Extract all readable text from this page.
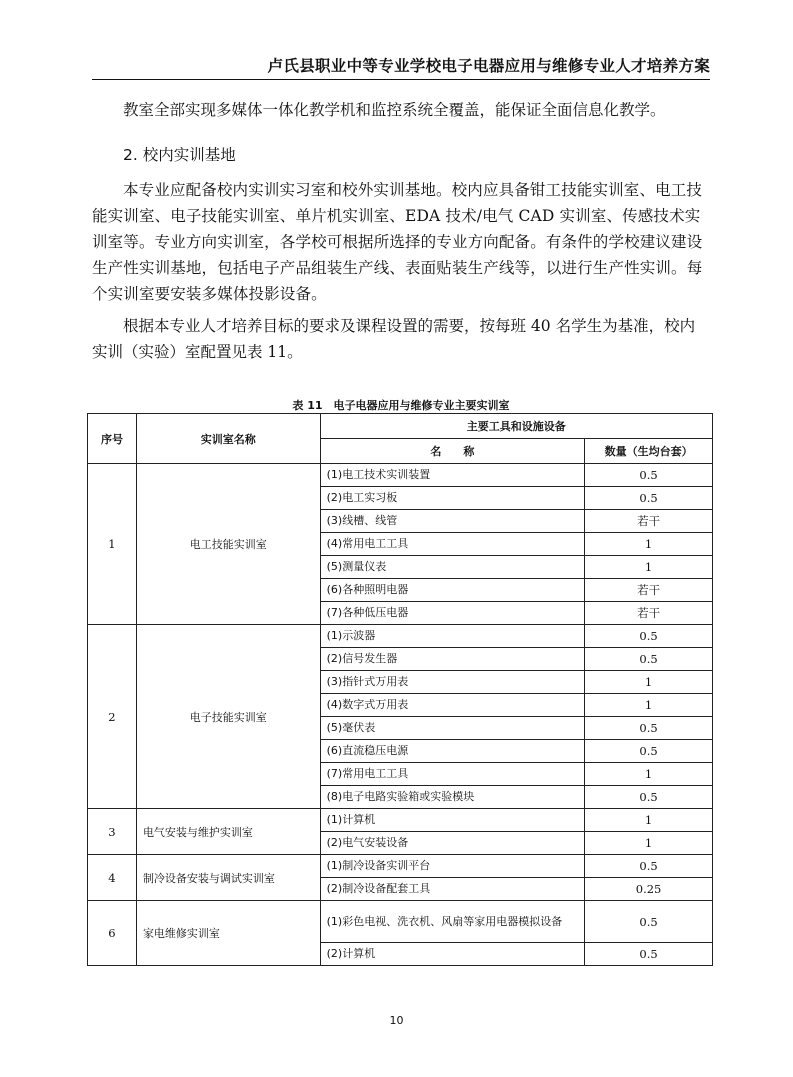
卢氏县职业中等专业学校电子电器应用与维修专业人才培养方案
教室全部实现多媒体一体化教学机和监控系统全覆盖，能保证全面信息化教学。
2. 校内实训基地
本专业应配备校内实训实习室和校外实训基地。校内应具备钳工技能实训室、电工技能实训室、电子技能实训室、单片机实训室、EDA 技术/电气 CAD 实训室、传感技术实训室等。专业方向实训室，各学校可根据所选择的专业方向配备。有条件的学校建议建设生产性实训基地，包括电子产品组装生产线、表面贴装生产线等，以进行生产性实训。每个实训室要安装多媒体投影设备。
根据本专业人才培养目标的要求及课程设置的需要，按每班 40 名学生为基准，校内实训（实验）室配置见表 11。
表 11　电子电器应用与维修专业主要实训室
序号	实训室名称	主要工具和设施设备	
		名　　称	数量（生均台套）
1	电工技能实训室	(1)电工技术实训装置	0.5
		(2)电工实习板	0.5
		(3)线槽、线管	若干
		(4)常用电工工具	1
		(5)测量仪表	1
		(6)各种照明电器	若干
		(7)各种低压电器	若干
2	电子技能实训室	(1)示波器	0.5
		(2)信号发生器	0.5
		(3)指针式万用表	1
		(4)数字式万用表	1
		(5)毫伏表	0.5
		(6)直流稳压电源	0.5
		(7)常用电工工具	1
		(8)电子电路实验箱或实验模块	0.5
3	电气安装与维护实训室	(1)计算机	1
		(2)电气安装设备	1
4	制冷设备安装与调试实训室	(1)制冷设备实训平台	0.5
		(2)制冷设备配套工具	0.25
6	家电维修实训室	(1)彩色电视、洗衣机、风扇等家用电器模拟设备	0.5
		(2)计算机	0.5
10
